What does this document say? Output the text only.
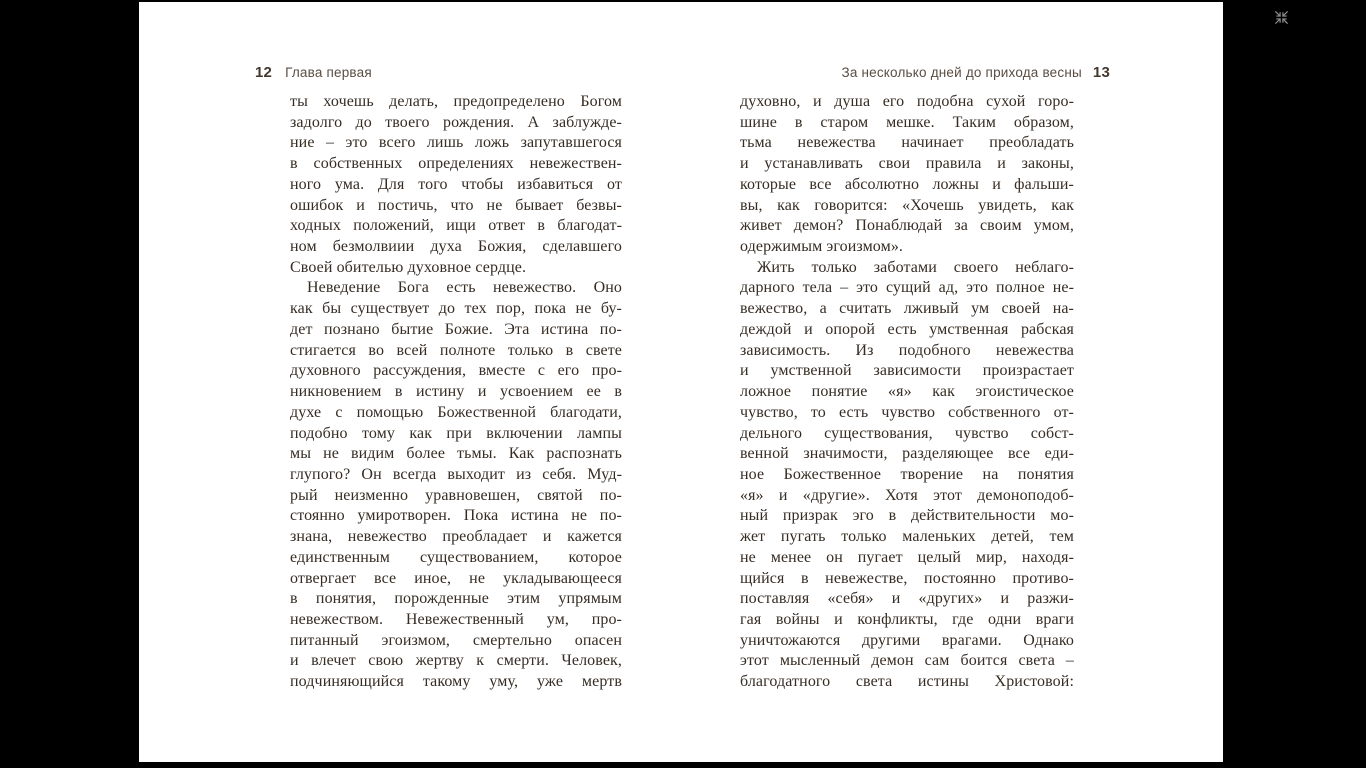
12 Глава первая
ты хочешь делать, предопределено Богом
задолго до твоего рождения. А заблужде-
ние – это всего лишь ложь запутавшегося
в собственных определениях невежествен-
ного ума. Для того чтобы избавиться от
ошибок и постичь, что не бывает безвы-
ходных положений, ищи ответ в благодат-
ном безмолвиии духа Божия, сделавшего
Своей обителью духовное сердце.
Неведение Бога есть невежество. Оно
как бы существует до тех пор, пока не бу-
дет познано бытие Божие. Эта истина по-
стигается во всей полноте только в свете
духовного рассуждения, вместе с его про-
никновением в истину и усвоением ее в
духе с помощью Божественной благодати,
подобно тому как при включении лампы
мы не видим более тьмы. Как распознать
глупого? Он всегда выходит из себя. Муд-
рый неизменно уравновешен, святой по-
стоянно умиротворен. Пока истина не по-
знана, невежество преобладает и кажется
единственным существованием, которое
отвергает все иное, не укладывающееся
в понятия, порожденные этим упрямым
невежеством. Невежественный ум, про-
питанный эгоизмом, смертельно опасен
и влечет свою жертву к смерти. Человек,
подчиняющийся такому уму, уже мертв
За несколько дней до прихода весны 13
духовно, и душа его подобна сухой горо-
шине в старом мешке. Таким образом,
тьма невежества начинает преобладать
и устанавливать свои правила и законы,
которые все абсолютно ложны и фальши-
вы, как говорится: «Хочешь увидеть, как
живет демон? Понаблюдай за своим умом,
одержимым эгоизмом».
Жить только заботами своего неблаго-
дарного тела – это сущий ад, это полное не-
вежество, а считать лживый ум своей на-
деждой и опорой есть умственная рабская
зависимость. Из подобного невежества
и умственной зависимости произрастает
ложное понятие «я» как эгоистическое
чувство, то есть чувство собственного от-
дельного существования, чувство собст-
венной значимости, разделяющее все еди-
ное Божественное творение на понятия
«я» и «другие». Хотя этот демоноподоб-
ный призрак эго в действительности мо-
жет пугать только маленьких детей, тем
не менее он пугает целый мир, находя-
щийся в невежестве, постоянно противо-
поставляя «себя» и «других» и разжи-
гая войны и конфликты, где одни враги
уничтожаются другими врагами. Однако
этот мысленный демон сам боится света –
благодатного света истины Христовой:
